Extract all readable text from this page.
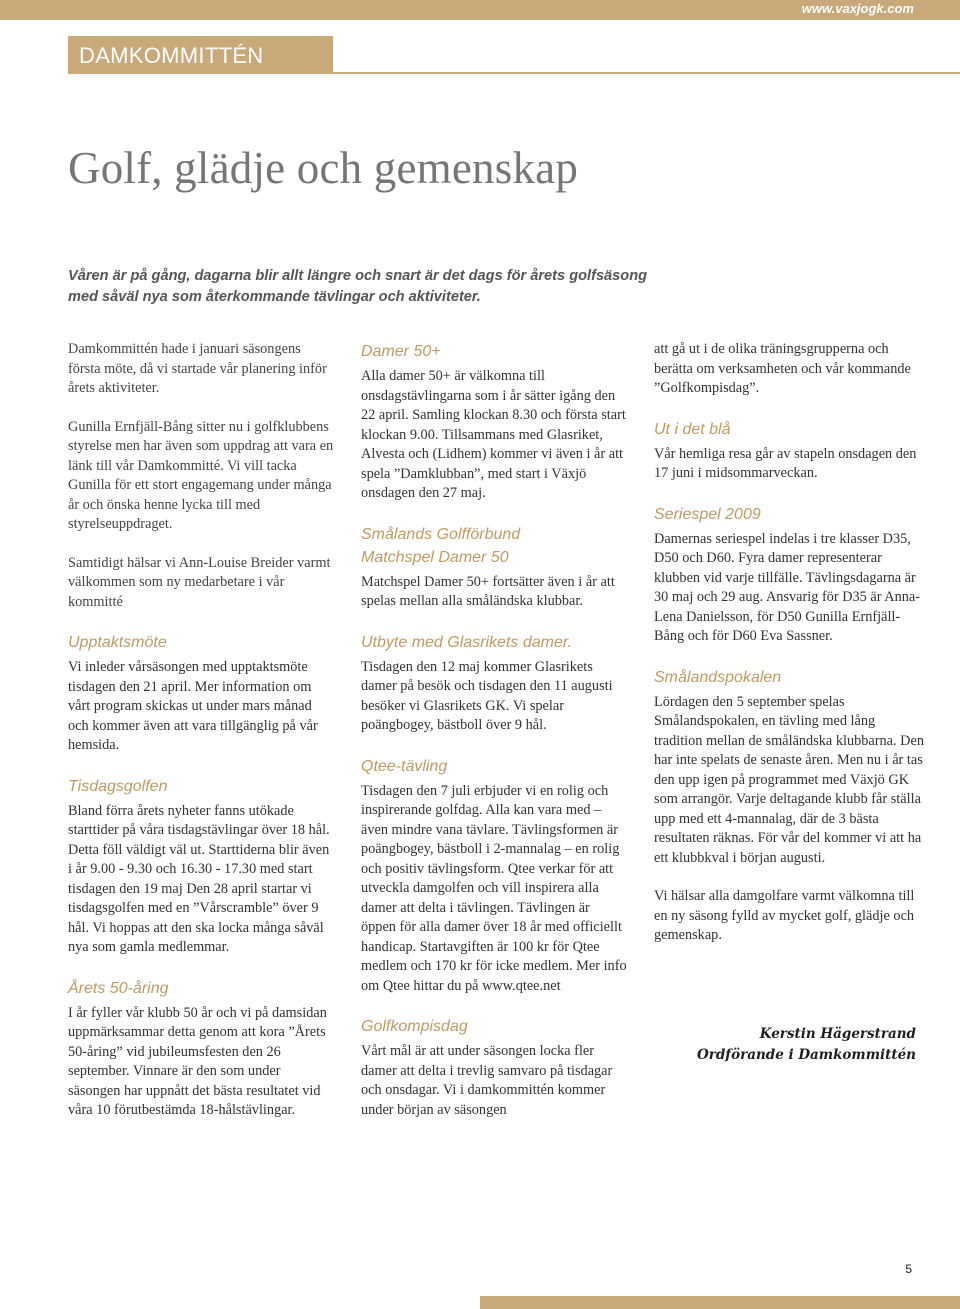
www.vaxjogk.com
DAMKOMMITTÉN
Golf, glädje och gemenskap

Våren är på gång, dagarna blir allt längre och snart är det dags för årets golfsäsong med såväl nya som återkommande tävlingar och aktiviteter.

Damkommittén hade i januari säsongens första möte, då vi startade vår planering inför årets aktiviteter.

Gunilla Ernfjäll-Bång sitter nu i golfklubbens styrelse men har även som uppdrag att vara en länk till vår Damkommitté. Vi vill tacka Gunilla för ett stort engagemang under många år och önska henne lycka till med styrelseuppdraget.

Samtidigt hälsar vi Ann-Louise Breider varmt välkommen som ny medarbetare i vår kommitté

Upptaktsmöte

Vi inleder vårsäsongen med upptaktsmöte tisdagen den 21 april. Mer information om vårt program skickas ut under mars månad och kommer även att vara tillgänglig på vår hemsida.

Tisdagsgolfen

Bland förra årets nyheter fanns utökade starttider på våra tisdagstävlingar över 18 hål. Detta föll väldigt väl ut. Starttiderna blir även i år 9.00 - 9.30 och 16.30 - 17.30 med start tisdagen den 19 maj Den 28 april startar vi tisdagsgolfen med en ”Vårscramble” över 9 hål. Vi hoppas att den ska locka många såväl nya som gamla medlemmar.

Årets 50-åring

I år fyller vår klubb 50 år och vi på damsidan uppmärksammar detta genom att kora ”Årets 50-åring” vid jubileumsfesten den 26 september. Vinnare är den som under säsongen har uppnått det bästa resultatet vid våra 10 förutbestämda 18-hålstävlingar.

Damer 50+

Alla damer 50+ är välkomna till onsdagstävlingarna som i år sätter igång den 22 april. Samling klockan 8.30 och första start klockan 9.00. Tillsammans med Glasriket, Alvesta och (Lidhem) kommer vi även i år att spela ”Damklubban”, med start i Växjö onsdagen den 27 maj.

Smålands Golfförbund
Matchspel Damer 50

Matchspel Damer 50+ fortsätter även i år att spelas mellan alla småländska klubbar.

Utbyte med Glasrikets damer.

Tisdagen den 12 maj kommer Glasrikets damer på besök och tisdagen den 11 augusti besöker vi Glasrikets GK. Vi spelar poängbogey, bästboll över 9 hål.

Qtee-tävling

Tisdagen den 7 juli erbjuder vi en rolig och inspirerande golfdag. Alla kan vara med – även mindre vana tävlare. Tävlingsformen är poängbogey, bästboll i 2-mannalag – en rolig och positiv tävlingsform. Qtee verkar för att utveckla damgolfen och vill inspirera alla damer att delta i tävlingen. Tävlingen är öppen för alla damer över 18 år med officiellt handicap. Startavgiften är 100 kr för Qtee medlem och 170 kr för icke medlem. Mer info om Qtee hittar du på www.qtee.net

Golfkompisdag

Vårt mål är att under säsongen locka fler damer att delta i trevlig samvaro på tisdagar och onsdagar. Vi i damkommittén kommer under början av säsongen

att gå ut i de olika träningsgrupperna och berätta om verksamheten och vår kommande ”Golfkompisdag”.

Ut i det blå

Vår hemliga resa går av stapeln onsdagen den 17 juni i midsommarveckan.

Seriespel 2009

Damernas seriespel indelas i tre klasser D35, D50 och D60. Fyra damer representerar klubben vid varje tillfälle. Tävlingsdagarna är 30 maj och 29 aug. Ansvarig för D35 är Anna-Lena Danielsson, för D50 Gunilla Ernfjäll-Bång och för D60 Eva Sassner.

Smålandspokalen

Lördagen den 5 september spelas Smålandspokalen, en tävling med lång tradition mellan de småländska klubbarna. Den har inte spelats de senaste åren. Men nu i år tas den upp igen på programmet med Växjö GK som arrangör. Varje deltagande klubb får ställa upp med ett 4-mannalag, där de 3 bästa resultaten räknas. För vår del kommer vi att ha ett klubbkval i början augusti.

Vi hälsar alla damgolfare varmt välkomna till en ny säsong fylld av mycket golf, glädje och gemenskap.

Kerstin Hägerstrand
Ordförande i Damkommittén
5
